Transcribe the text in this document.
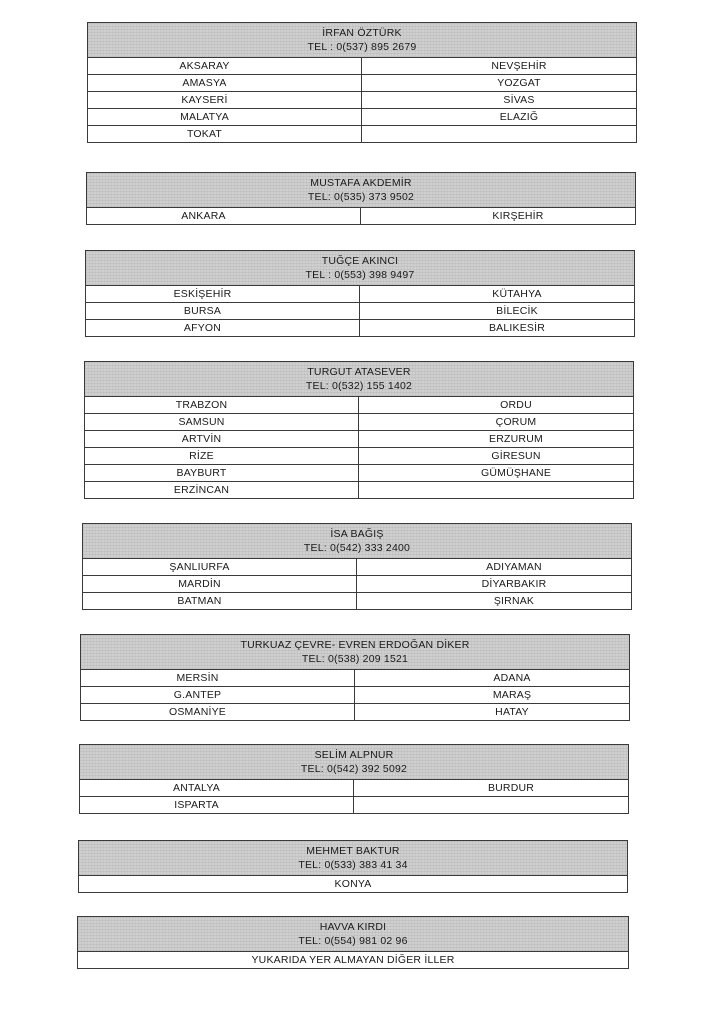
İRFAN ÖZTÜRK
TEL : 0(537) 895 2679
AKSARAY	NEVŞEHİR
AMASYA	YOZGAT
KAYSERİ	SİVAS
MALATYA	ELAZIĞ
TOKAT
MUSTAFA AKDEMİR
TEL: 0(535) 373 9502
ANKARA	KIRŞEHİR
TUĞÇE AKINCI
TEL : 0(553) 398 9497
ESKİŞEHİR	KÜTAHYA
BURSA	BİLECİK
AFYON	BALIKESİR
TURGUT ATASEVER
TEL: 0(532) 155 1402
TRABZON	ORDU
SAMSUN	ÇORUM
ARTVİN	ERZURUM
RİZE	GİRESUN
BAYBURT	GÜMÜŞHANE
ERZİNCAN
İSA BAĞIŞ
TEL: 0(542) 333 2400
ŞANLIURFA	ADIYAMAN
MARDİN	DİYARBAKIR
BATMAN	ŞIRNAK
TURKUAZ ÇEVRE- EVREN ERDOĞAN DİKER
TEL: 0(538) 209 1521
MERSİN	ADANA
G.ANTEP	MARAŞ
OSMANİYE	HATAY
SELİM ALPNUR
TEL: 0(542) 392 5092
ANTALYA	BURDUR
ISPARTA
MEHMET BAKTUR
TEL: 0(533) 383 41 34
KONYA
HAVVA KIRDI
TEL: 0(554) 981 02 96
YUKARIDA YER ALMAYAN DİĞER İLLER
